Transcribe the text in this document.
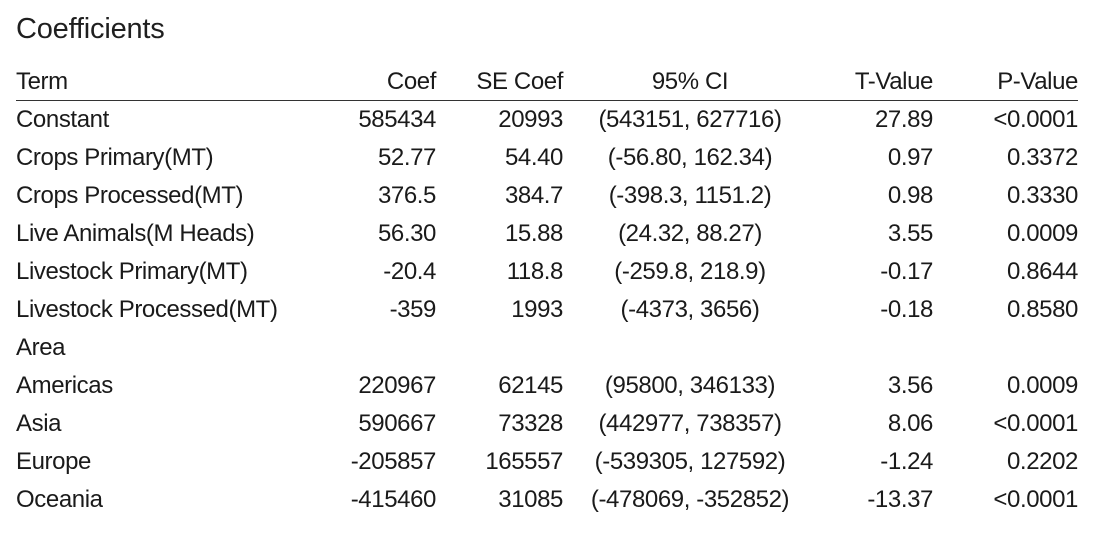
Coefficients
Term	Coef	SE Coef	95% CI	T-Value	P-Value
Constant	585434	20993	(543151, 627716)	27.89	<0.0001
Crops Primary(MT)	52.77	54.40	(-56.80, 162.34)	0.97	0.3372
Crops Processed(MT)	376.5	384.7	(-398.3, 1151.2)	0.98	0.3330
Live Animals(M Heads)	56.30	15.88	(24.32, 88.27)	3.55	0.0009
Livestock Primary(MT)	-20.4	118.8	(-259.8, 218.9)	-0.17	0.8644
Livestock Processed(MT)	-359	1993	(-4373, 3656)	-0.18	0.8580
Area					
Americas	220967	62145	(95800, 346133)	3.56	0.0009
Asia	590667	73328	(442977, 738357)	8.06	<0.0001
Europe	-205857	165557	(-539305, 127592)	-1.24	0.2202
Oceania	-415460	31085	(-478069, -352852)	-13.37	<0.0001
